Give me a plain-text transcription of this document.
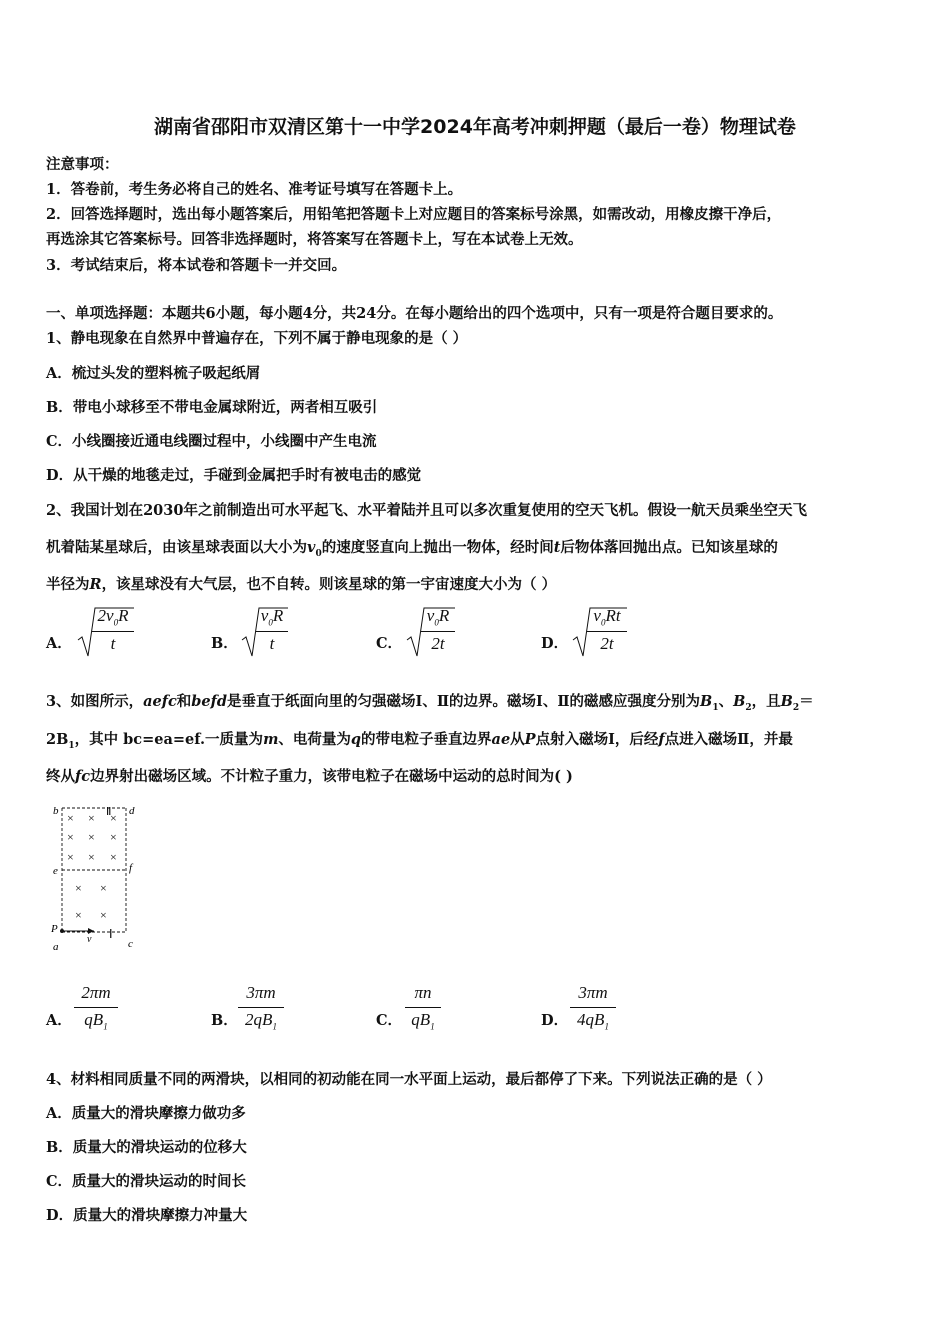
湖南省邵阳市双清区第十一中学2024年高考冲刺押题（最后一卷）物理试卷
注意事项：
1．答卷前，考生务必将自己的姓名、准考证号填写在答题卡上。
2．回答选择题时，选出每小题答案后，用铅笔把答题卡上对应题目的答案标号涂黑，如需改动，用橡皮擦干净后，
再选涂其它答案标号。回答非选择题时，将答案写在答题卡上，写在本试卷上无效。
3．考试结束后，将本试卷和答题卡一并交回。
一、单项选择题：本题共6小题，每小题4分，共24分。在每小题给出的四个选项中，只有一项是符合题目要求的。
1、静电现象在自然界中普遍存在，下列不属于静电现象的是（ ）
A．梳过头发的塑料梳子吸起纸屑
B．带电小球移至不带电金属球附近，两者相互吸引
C．小线圈接近通电线圈过程中，小线圈中产生电流
D．从干燥的地毯走过，手碰到金属把手时有被电击的感觉
2、我国计划在2030年之前制造出可水平起飞、水平着陆并且可以多次重复使用的空天飞机。假设一航天员乘坐空天飞
机着陆某星球后，由该星球表面以大小为$v_0$的速度竖直向上抛出一物体，经时间t后物体落回抛出点。已知该星球的
半径为R，该星球没有大气层，也不自转。则该星球的第一宇宙速度大小为（ ）
A．
$2v_0R$
t	B．
$v_0R$
t	C．
$v_0R$
2t	D．
$v_0Rt$
2t
3、如图所示，aefc和befd是垂直于纸面向里的匀强磁场Ⅰ、Ⅱ的边界。磁场Ⅰ、Ⅱ的磁感应强度分别为$B_1$、$B_2$，且$B_2=$
$2B_1$，其中 bc=ea=ef.一质量为m、电荷量为q的带电粒子垂直边界ae从P点射入磁场Ⅰ，后经f点进入磁场Ⅱ，并最
终从fc边界射出磁场区域。不计粒子重力，该带电粒子在磁场中运动的总时间为( )
b	d
e	f
P
a	c
Ⅱ
Ⅰ
× × ×
× × ×
× × ×
× ×
× ×
v
A．
2πm
$qB_1$	B．
3πm
$2qB_1$	C．
πn
$qB_1$	D．
3πm
$4qB_1$
4、材料相同质量不同的两滑块，以相同的初动能在同一水平面上运动，最后都停了下来。下列说法正确的是（ ）
A．质量大的滑块摩擦力做功多
B．质量大的滑块运动的位移大
C．质量大的滑块运动的时间长
D．质量大的滑块摩擦力冲量大
